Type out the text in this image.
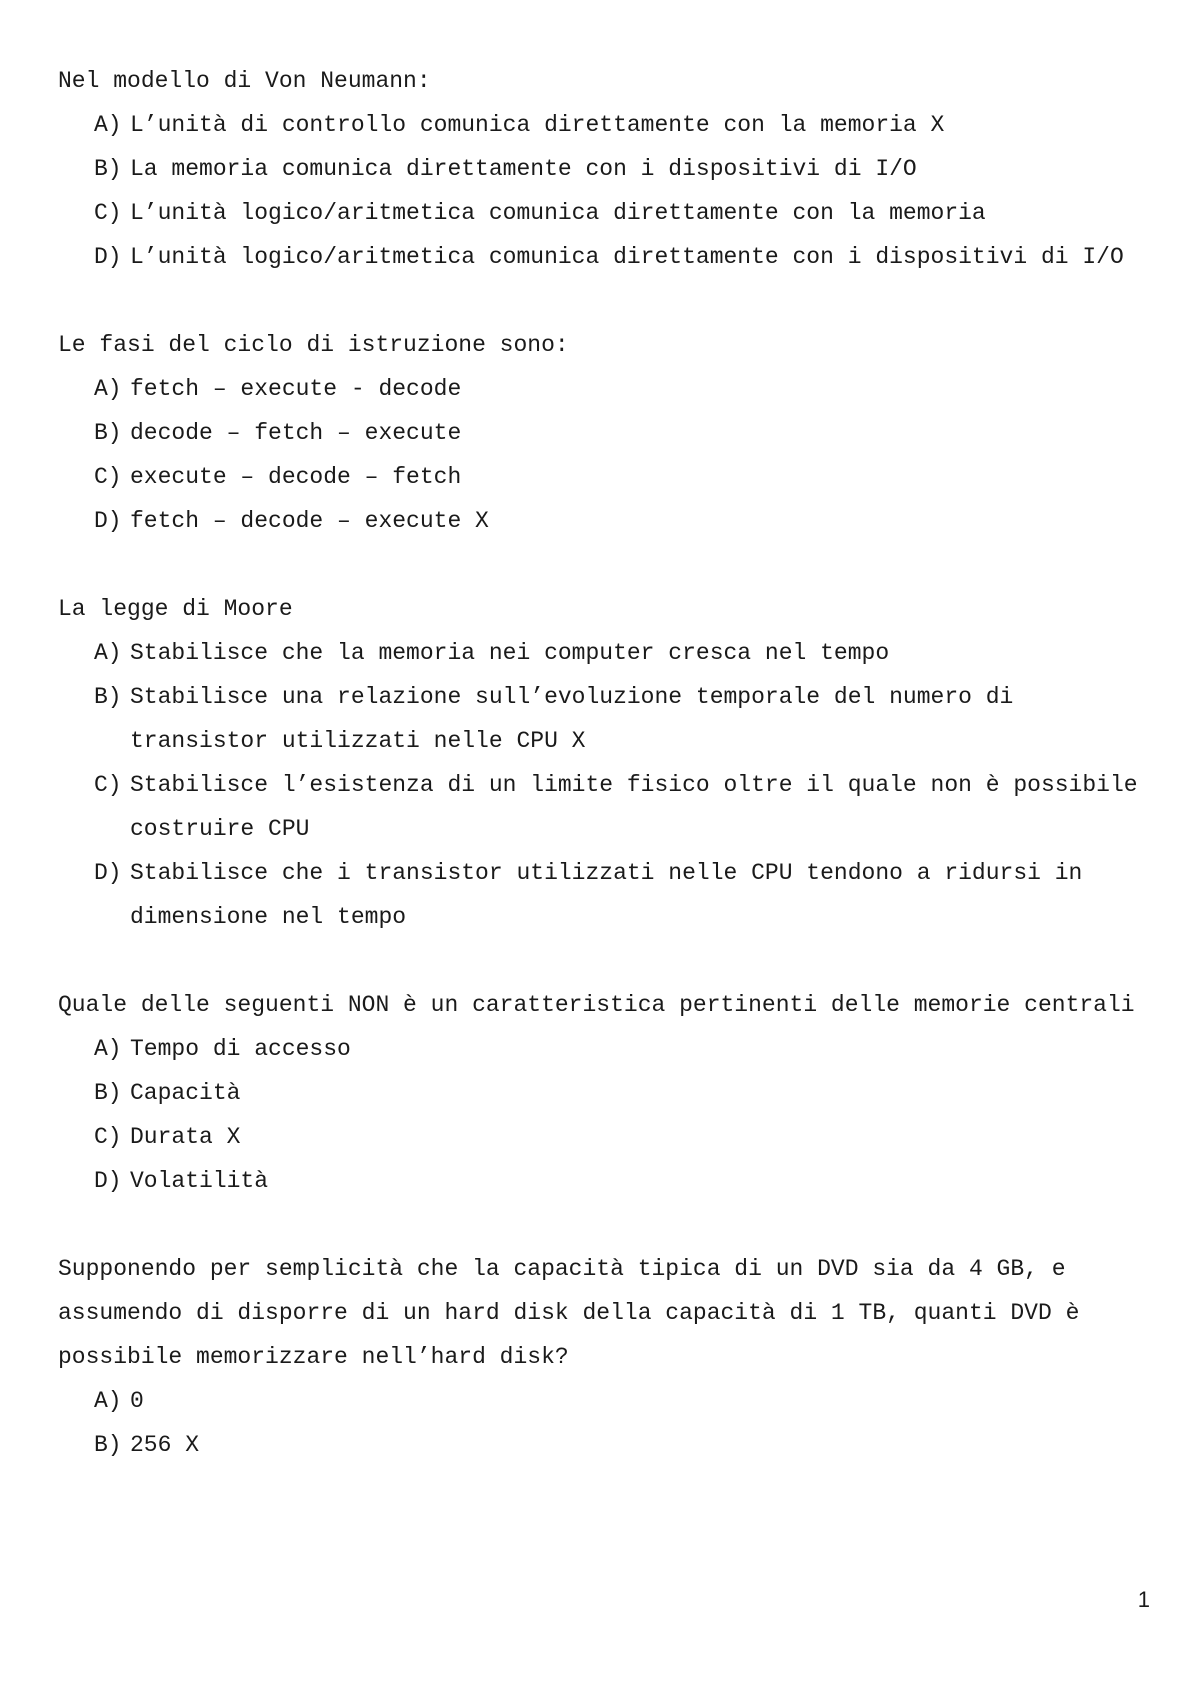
Nel modello di Von Neumann:

A) L’unità di controllo comunica direttamente con la memoria X
B) La memoria comunica direttamente con i dispositivi di I/O
C) L’unità logico/aritmetica comunica direttamente con la memoria
D) L’unità logico/aritmetica comunica direttamente con i dispositivi di I/O

Le fasi del ciclo di istruzione sono:

A) fetch – execute - decode
B) decode – fetch – execute
C) execute – decode – fetch
D) fetch – decode – execute X

La legge di Moore

A) Stabilisce che la memoria nei computer cresca nel tempo
B) Stabilisce una relazione sull’evoluzione temporale del numero di transistor utilizzati nelle CPU X
C) Stabilisce l’esistenza di un limite fisico oltre il quale non è possibile costruire CPU
D) Stabilisce che i transistor utilizzati nelle CPU tendono a ridursi in dimensione nel tempo

Quale delle seguenti NON è un caratteristica pertinenti delle memorie centrali

A) Tempo di accesso
B) Capacità
C) Durata X
D) Volatilità

Supponendo per semplicità che la capacità tipica di un DVD sia da 4 GB, e assumendo di disporre di un hard disk della capacità di 1 TB, quanti DVD è possibile memorizzare nell’hard disk?

A) 0
B) 256 X
1
